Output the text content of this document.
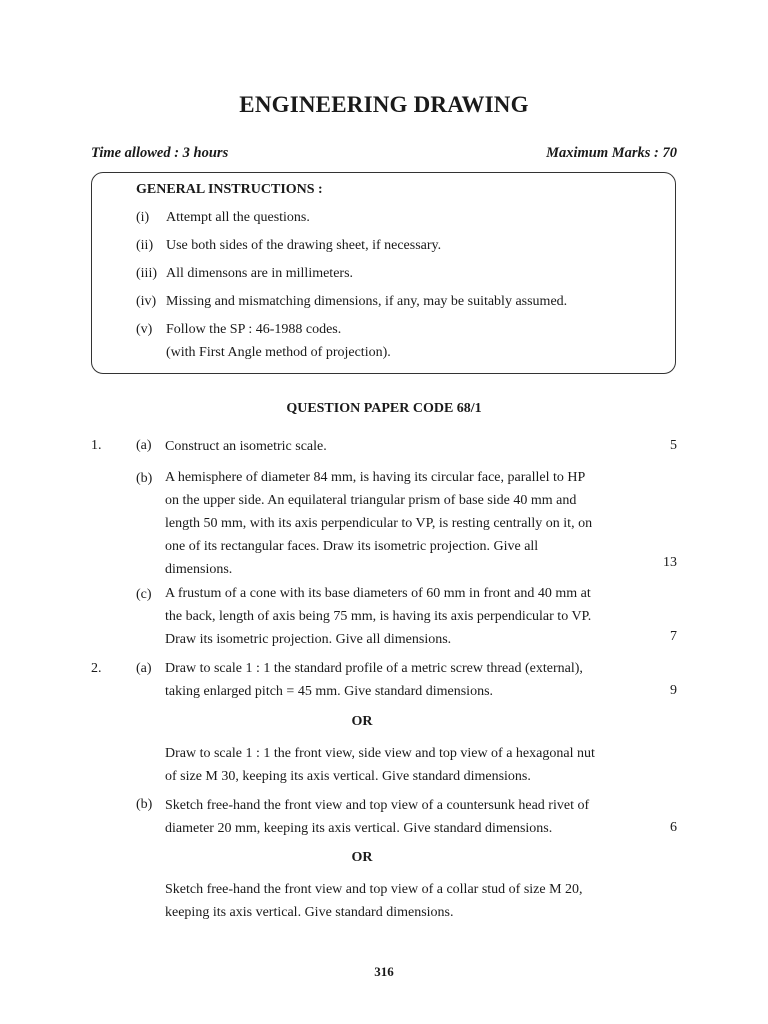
ENGINEERING DRAWING
Time allowed : 3 hours	Maximum Marks : 70
GENERAL INSTRUCTIONS :
(i) Attempt all the questions.
(ii) Use both sides of the drawing sheet, if necessary.
(iii) All dimensons are in millimeters.
(iv) Missing and mismatching dimensions, if any, may be suitably assumed.
(v) Follow the SP : 46-1988 codes.
(with First Angle method of projection).
QUESTION PAPER CODE 68/1
1. (a) Construct an isometric scale.	5
(b) A hemisphere of diameter 84 mm, is having its circular face, parallel to HP on the upper side. An equilateral triangular prism of base side 40 mm and length 50 mm, with its axis perpendicular to VP, is resting centrally on it, on one of its rectangular faces. Draw its isometric projection. Give all dimensions.	13
(c) A frustum of a cone with its base diameters of 60 mm in front and 40 mm at the back, length of axis being 75 mm, is having its axis perpendicular to VP. Draw its isometric projection. Give all dimensions.	7
2. (a) Draw to scale 1 : 1 the standard profile of a metric screw thread (external), taking enlarged pitch = 45 mm. Give standard dimensions.	9
OR
Draw to scale 1 : 1 the front view, side view and top view of a hexagonal nut of size M 30, keeping its axis vertical. Give standard dimensions.
(b) Sketch free-hand the front view and top view of a countersunk head rivet of diameter 20 mm, keeping its axis vertical. Give standard dimensions.	6
OR
Sketch free-hand the front view and top view of a collar stud of size M 20, keeping its axis vertical. Give standard dimensions.
316
